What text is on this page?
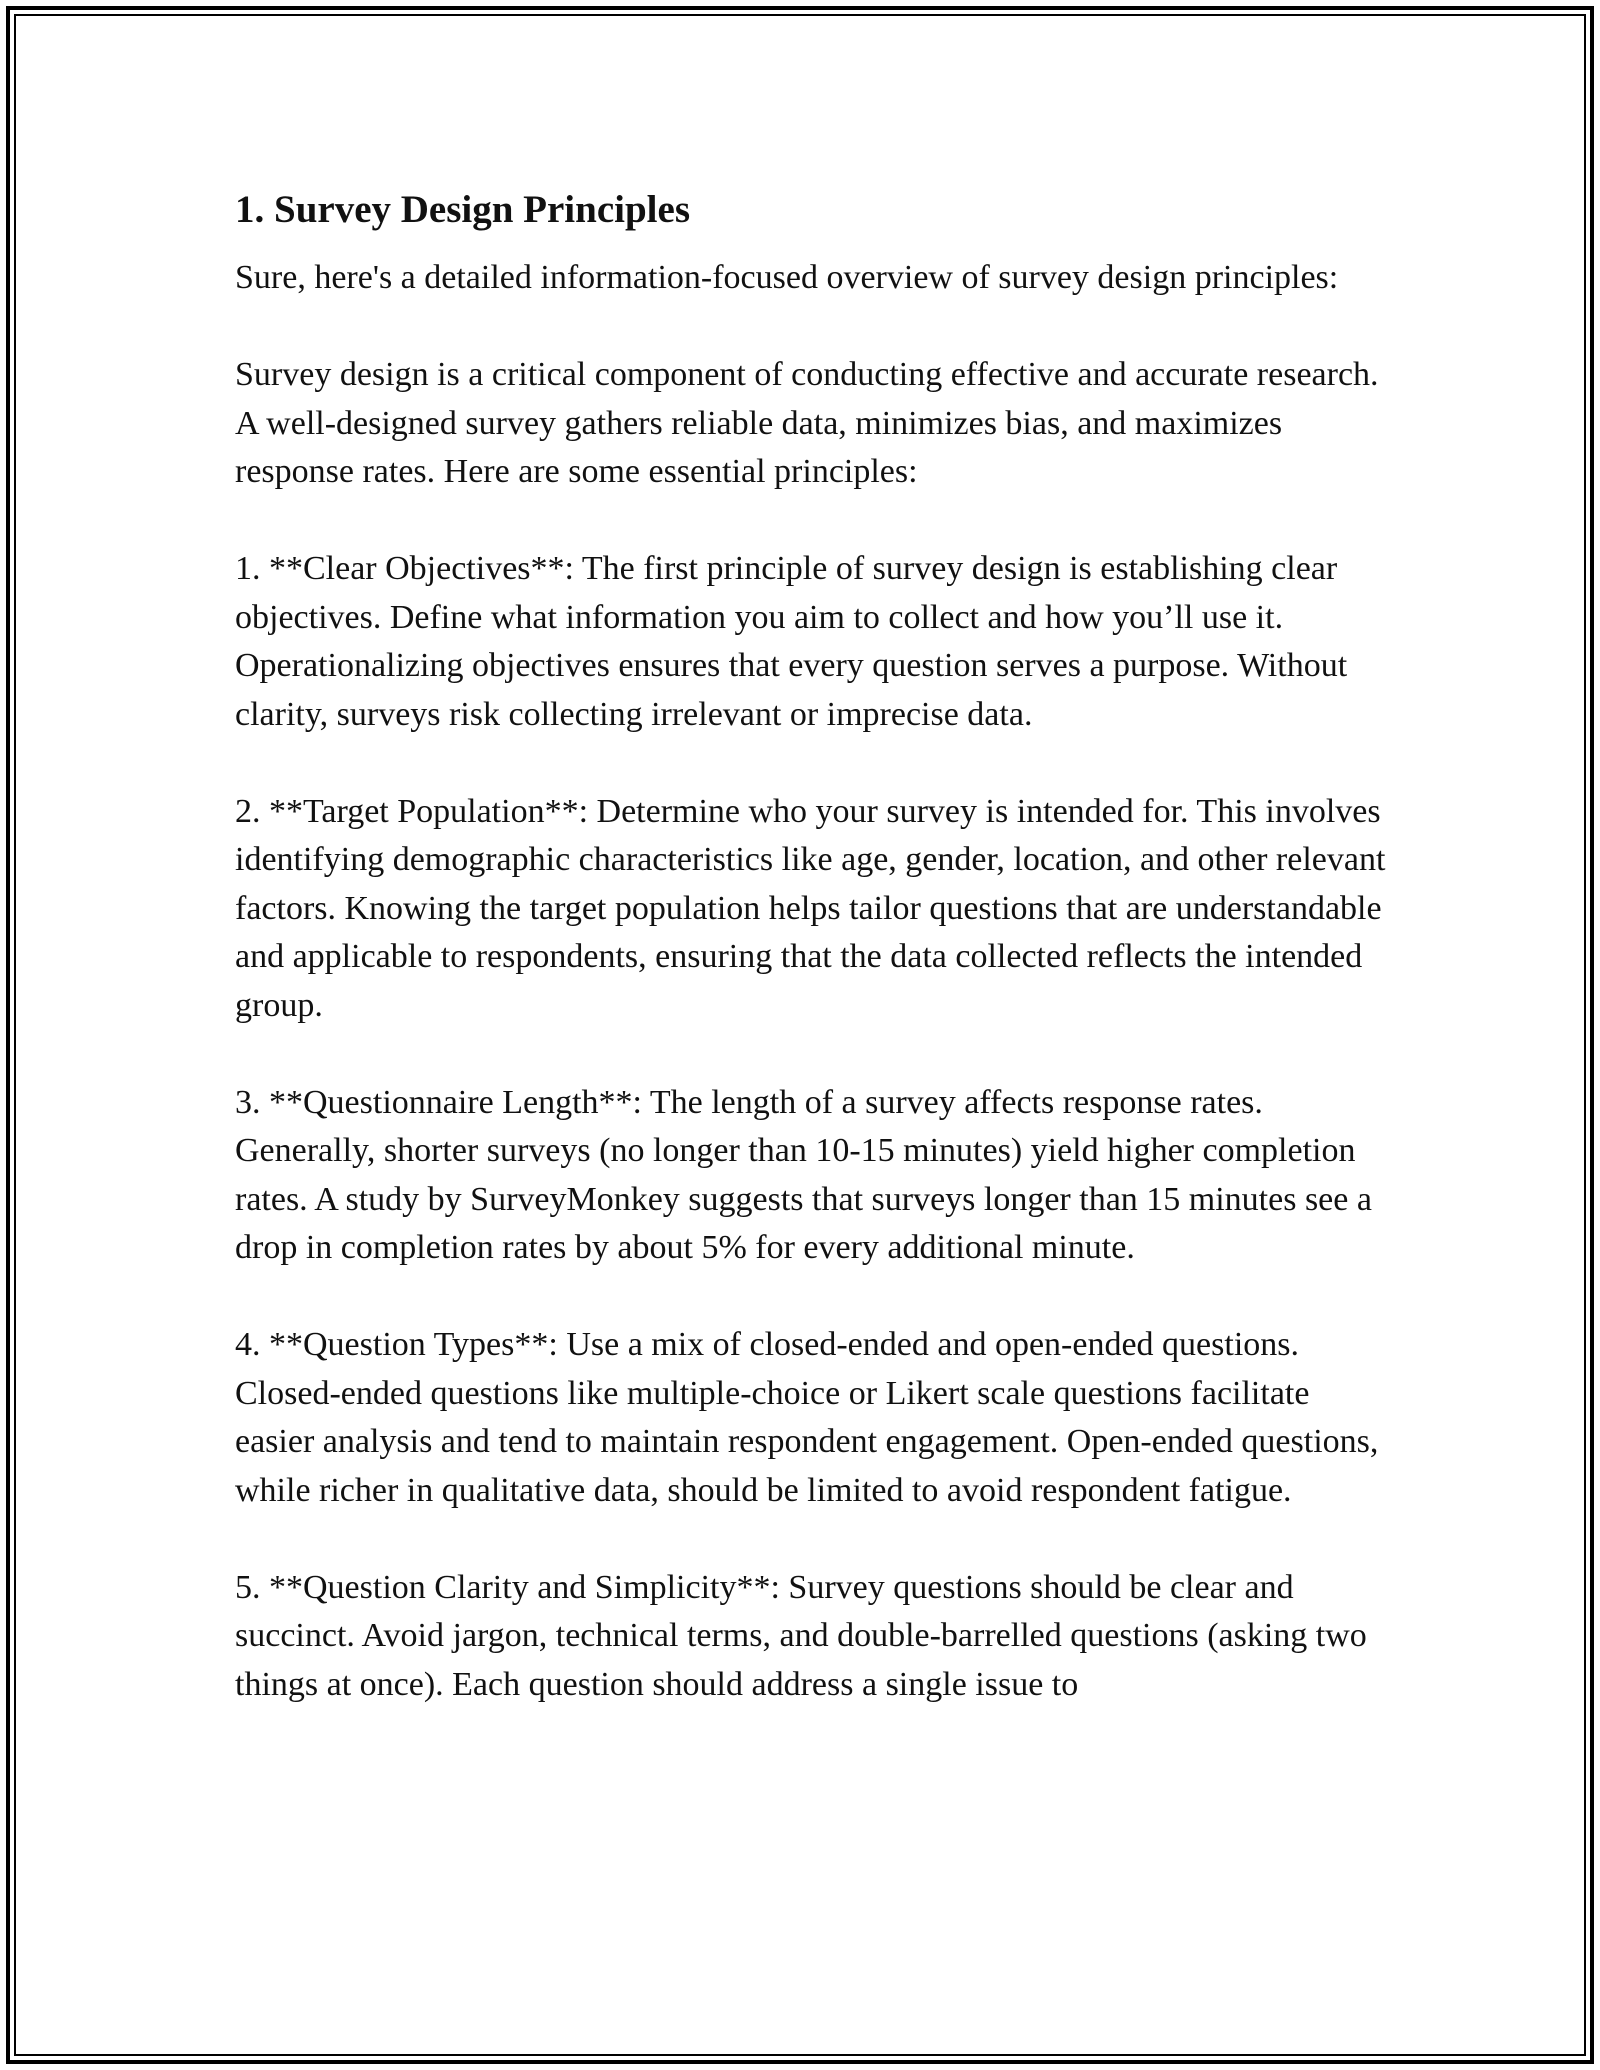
1. Survey Design Principles

Sure, here's a detailed information-focused overview of survey design principles:

Survey design is a critical component of conducting effective and accurate research. A well-designed survey gathers reliable data, minimizes bias, and maximizes response rates. Here are some essential principles:

1. **Clear Objectives**: The first principle of survey design is establishing clear objectives. Define what information you aim to collect and how you’ll use it. Operationalizing objectives ensures that every question serves a purpose. Without clarity, surveys risk collecting irrelevant or imprecise data.

2. **Target Population**: Determine who your survey is intended for. This involves identifying demographic characteristics like age, gender, location, and other relevant factors. Knowing the target population helps tailor questions that are understandable and applicable to respondents, ensuring that the data collected reflects the intended group.

3. **Questionnaire Length**: The length of a survey affects response rates. Generally, shorter surveys (no longer than 10-15 minutes) yield higher completion rates. A study by SurveyMonkey suggests that surveys longer than 15 minutes see a drop in completion rates by about 5% for every additional minute.

4. **Question Types**: Use a mix of closed-ended and open-ended questions. Closed-ended questions like multiple-choice or Likert scale questions facilitate easier analysis and tend to maintain respondent engagement. Open-ended questions, while richer in qualitative data, should be limited to avoid respondent fatigue.

5. **Question Clarity and Simplicity**: Survey questions should be clear and succinct. Avoid jargon, technical terms, and double-barrelled questions (asking two things at once). Each question should address a single issue to
